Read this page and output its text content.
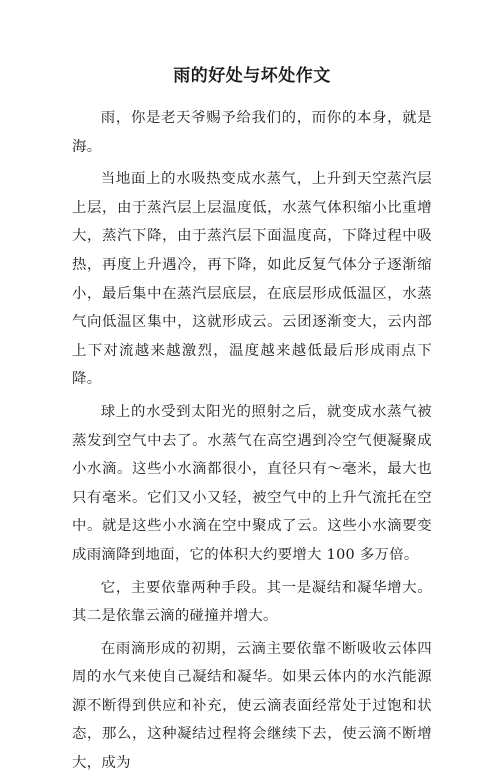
雨的好处与坏处作文

雨，你是老天爷赐予给我们的，而你的本身，就是海。

当地面上的水吸热变成水蒸气，上升到天空蒸汽层上层，由于蒸汽层上层温度低，水蒸气体积缩小比重增大，蒸汽下降，由于蒸汽层下面温度高，下降过程中吸热，再度上升遇冷，再下降，如此反复气体分子逐渐缩小，最后集中在蒸汽层底层，在底层形成低温区，水蒸气向低温区集中，这就形成云。云团逐渐变大，云内部上下对流越来越激烈，温度越来越低最后形成雨点下降。

球上的水受到太阳光的照射之后，就变成水蒸气被蒸发到空气中去了。水蒸气在高空遇到冷空气便凝聚成小水滴。这些小水滴都很小，直径只有～毫米，最大也只有毫米。它们又小又轻，被空气中的上升气流托在空中。就是这些小水滴在空中聚成了云。这些小水滴要变成雨滴降到地面，它的体积大约要增大 100 多万倍。

它，主要依靠两种手段。其一是凝结和凝华增大。其二是依靠云滴的碰撞并增大。

在雨滴形成的初期，云滴主要依靠不断吸收云体四周的水气来使自己凝结和凝华。如果云体内的水汽能源源不断得到供应和补充，使云滴表面经常处于过饱和状态，那么，这种凝结过程将会继续下去，使云滴不断增大，成为
